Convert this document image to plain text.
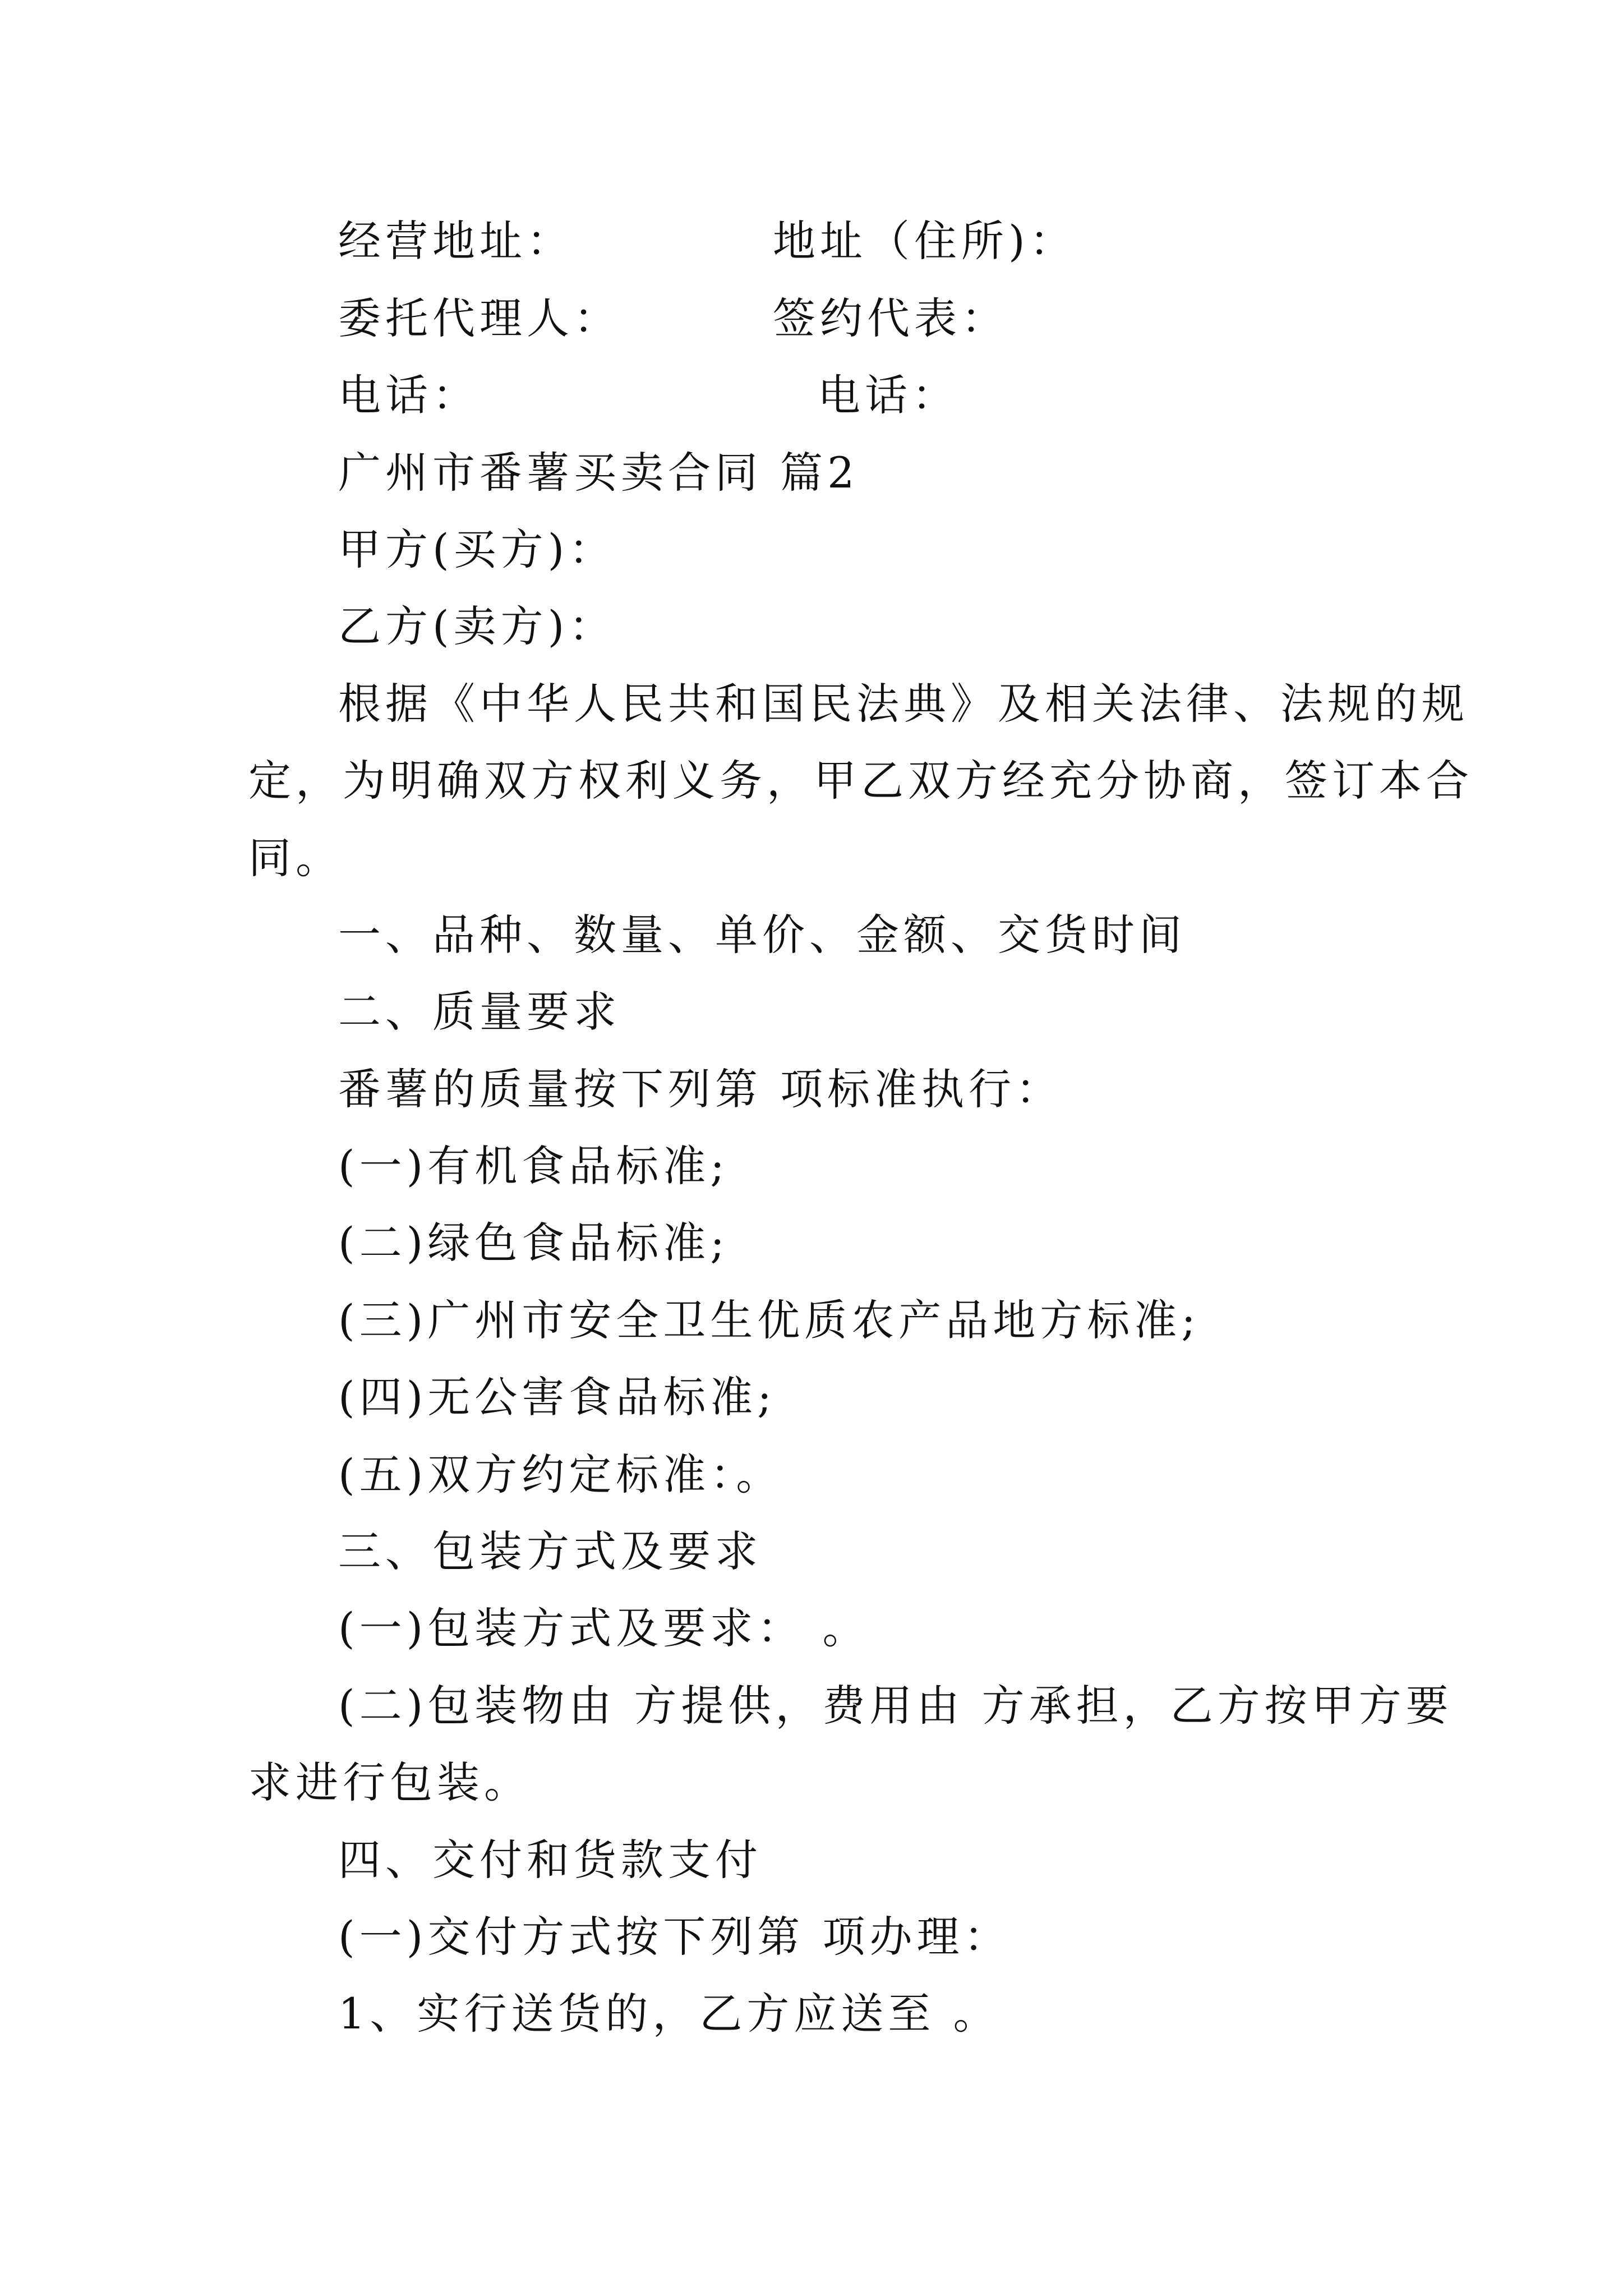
经营地址：	地址（住所)：
委托代理人：	签约代表：
电话：	电话：
广州市番薯买卖合同 篇2
甲方(买方)：
乙方(卖方)：
根据《中华人民共和国民法典》及相关法律、法规的规
定，为明确双方权利义务，甲乙双方经充分协商，签订本合
同。
一、品种、数量、单价、金额、交货时间
二、质量要求
番薯的质量按下列第 项标准执行：
(一)有机食品标准;
(二)绿色食品标准;
(三)广州市安全卫生优质农产品地方标准;
(四)无公害食品标准;
(五)双方约定标准：。
三、包装方式及要求
(一)包装方式及要求： 。
(二)包装物由 方提供，费用由 方承担，乙方按甲方要
求进行包装。
四、交付和货款支付
(一)交付方式按下列第 项办理：
1、实行送货的，乙方应送至 。
